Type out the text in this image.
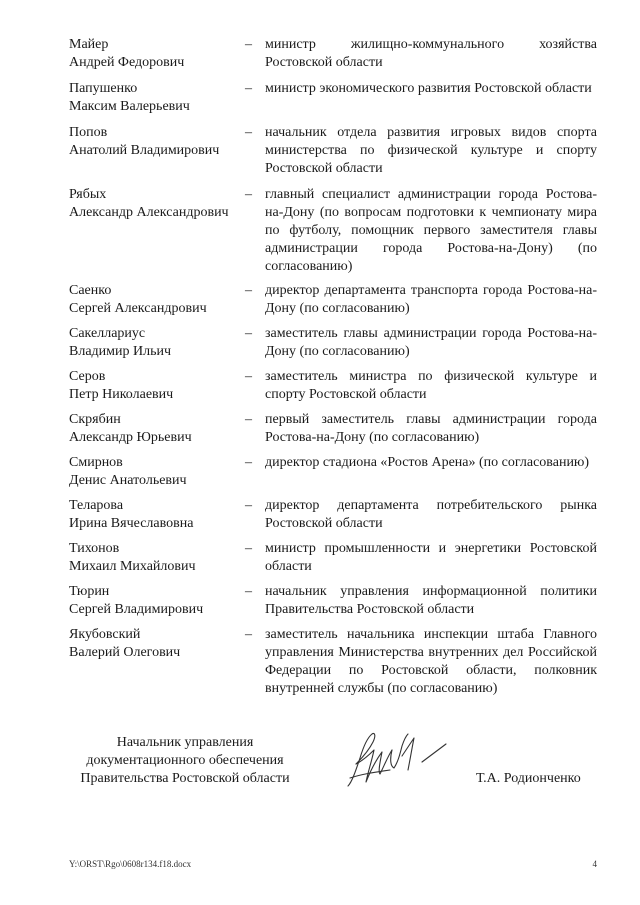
Майер
Андрей Федорович
– министр жилищно-коммунального хозяйства Ростовской области
Папушенко
Максим Валерьевич
– министр экономического развития Ростовской области
Попов
Анатолий Владимирович
– начальник отдела развития игровых видов спорта министерства по физической культуре и спорту Ростовской области
Рябых
Александр Александрович
– главный специалист администрации города Ростова-на-Дону (по вопросам подготовки к чемпионату мира по футболу, помощник первого заместителя главы администрации города Ростова-на-Дону) (по согласованию)
Саенко
Сергей Александрович
– директор департамента транспорта города Ростова-на-Дону (по согласованию)
Сакеллариус
Владимир Ильич
– заместитель главы администрации города Ростова-на-Дону (по согласованию)
Серов
Петр Николаевич
– заместитель министра по физической культуре и спорту Ростовской области
Скрябин
Александр Юрьевич
– первый заместитель главы администрации города Ростова-на-Дону (по согласованию)
Смирнов
Денис Анатольевич
– директор стадиона «Ростов Арена» (по согласованию)
Теларова
Ирина Вячеславовна
– директор департамента потребительского рынка Ростовской области
Тихонов
Михаил Михайлович
– министр промышленности и энергетики Ростовской области
Тюрин
Сергей Владимирович
– начальник управления информационной политики Правительства Ростовской области
Якубовский
Валерий Олегович
– заместитель начальника инспекции штаба Главного управления Министерства внутренних дел Российской Федерации по Ростовской области, полковник внутренней службы (по согласованию)
Начальник управления
документационного обеспечения
Правительства Ростовской области	Т.А. Родионченко
Y:\ORST\Rgo\0608r134.f18.docx	4
